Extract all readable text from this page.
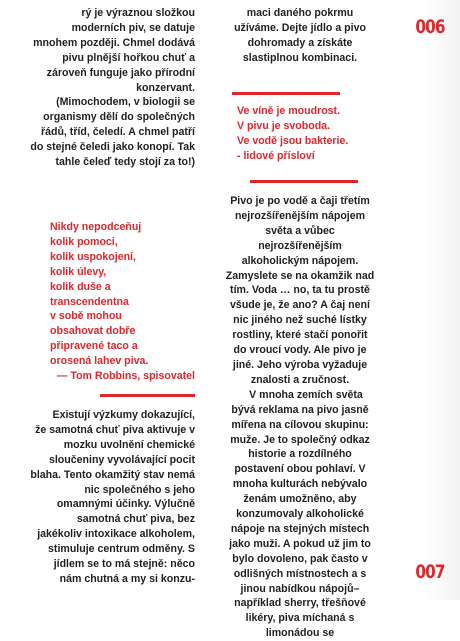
rý je výraznou složkou moderních piv, se datuje mnohem později. Chmel dodává pivu plnější hořkou chuť a zároveň funguje jako přírodní konzervant.

(Mimochodem, v biologii se organismy dělí do společných řádů, tříd, čeledí. A chmel patří do stejné čeledi jako konopí. Tak tahle čeleď tedy stojí za to!)

Nikdy nepodceňuj
kolik pomoci,
kolik uspokojení,
kolik úlevy,
kolik duše a
transcendentna
v sobě mohou
obsahovat dobře
připravené taco a
orosená lahev piva.

— Tom Robbins, spisovatel

Existují výzkumy dokazující, že samotná chuť piva aktivuje v mozku uvolnění chemické sloučeniny vyvolávající pocit blaha. Tento okamžitý stav nemá nic společného s jeho omamnými účinky. Výlučně samotná chuť piva, bez jakékoliv intoxikace alkoholem, stimuluje centrum odměny. S jídlem se to má stejně: něco nám chutná a my si konzu-

maci daného pokrmu užíváme. Dejte jídlo a pivo dohromady a získáte slastiplnou kombinaci.

Ve víně je moudrost.
V pivu je svoboda.
Ve vodě jsou bakterie.
- lidové přísloví

Pivo je po vodě a čaji třetím nejrozšířenějším nápojem světa a vůbec nejrozšířenějším alkoholickým nápojem. Zamyslete se na okamžik nad tím. Voda … no, ta tu prostě všude je, že ano? A čaj není nic jiného než suché lístky rostliny, které stačí ponořit do vroucí vody. Ale pivo je jiné. Jeho výroba vyžaduje znalosti a zručnost.

V mnoha zemích světa bývá reklama na pivo jasně mířena na cílovou skupinu: muže. Je to společný odkaz historie a rozdílného postavení obou pohlaví. V mnoha kulturách nebývalo ženám umožněno, aby konzumovaly alkoholické nápoje na stejných místech jako muži. A pokud už jim to bylo dovoleno, pak často v odlišných místnostech a s jinou nabídkou nápojů– například sherry, třešňové likéry, piva míchaná s limonádou se

006
007
